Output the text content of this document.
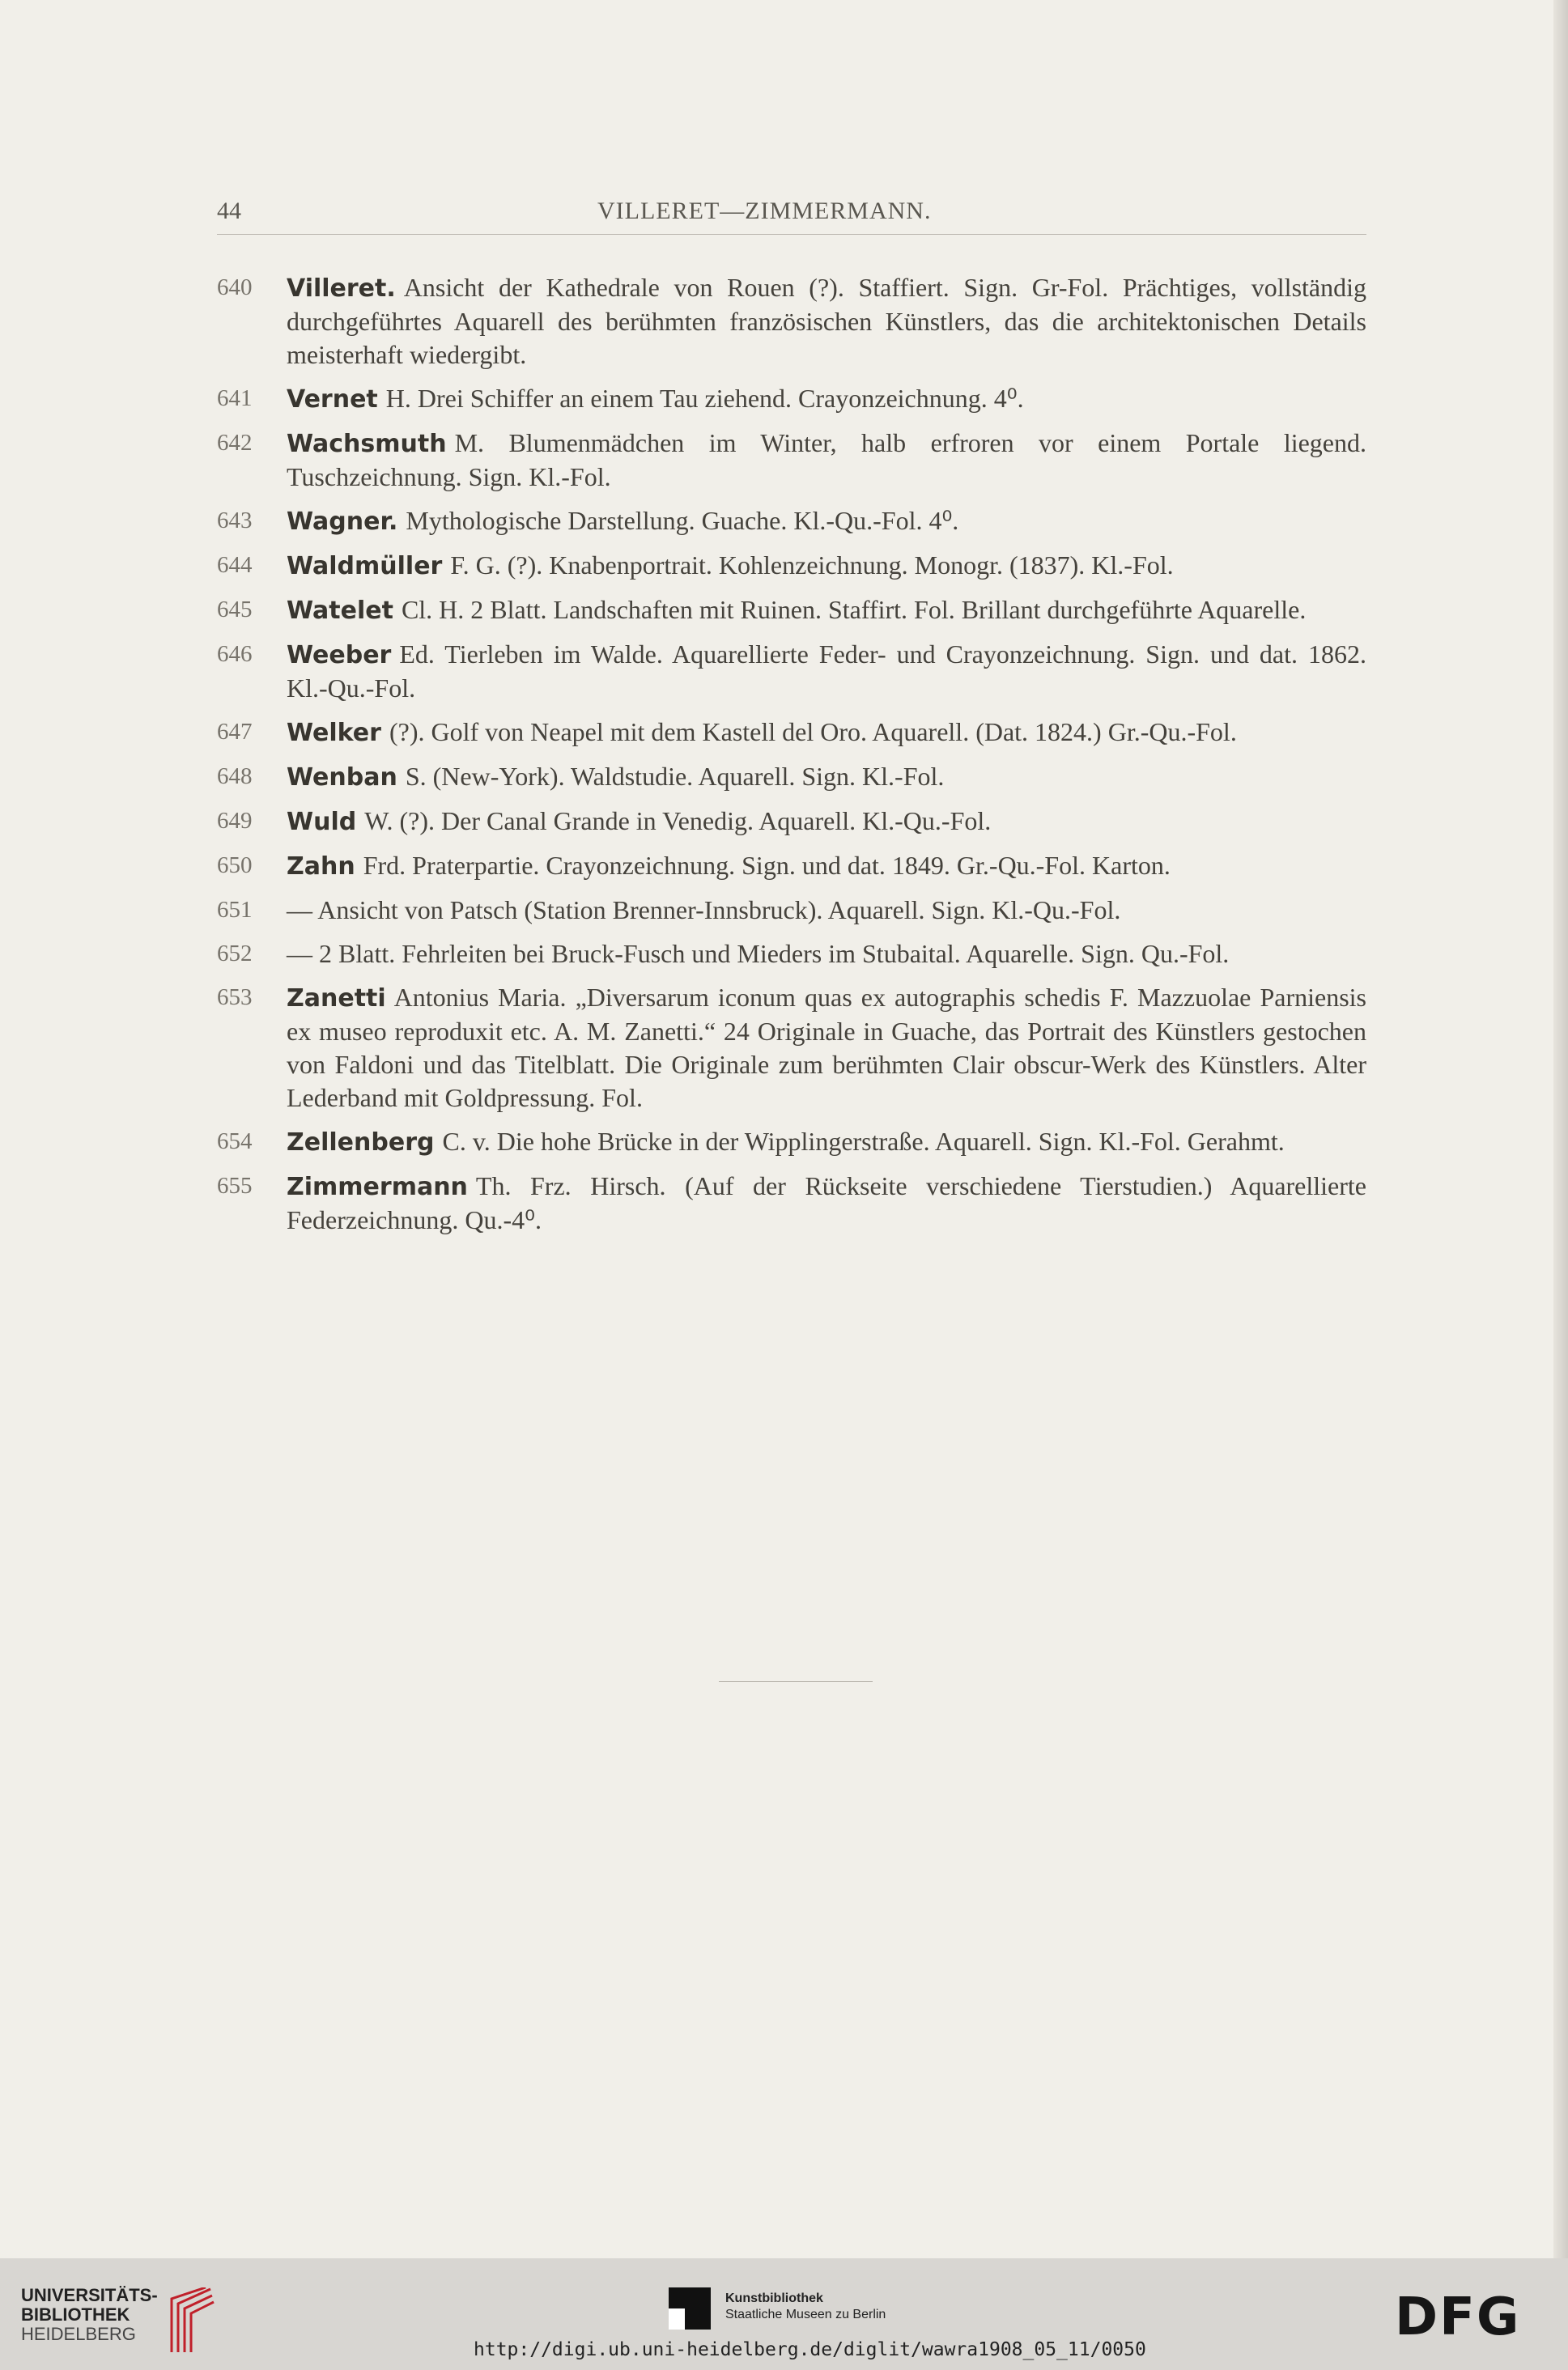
44	VILLERET—ZIMMERMANN.
640	Villeret. Ansicht der Kathedrale von Rouen (?). Staffiert. Sign. Gr-Fol. Prächtiges, vollständig durchgeführtes Aquarell des berühmten französischen Künstlers, das die architektonischen Details meisterhaft wiedergibt.
641	Vernet H. Drei Schiffer an einem Tau ziehend. Crayonzeichnung. 4⁰.
642	Wachsmuth M. Blumenmädchen im Winter, halb erfroren vor einem Portale liegend. Tuschzeichnung. Sign. Kl.-Fol.
643	Wagner. Mythologische Darstellung. Guache. Kl.-Qu.-Fol. 4⁰.
644	Waldmüller F. G. (?). Knabenportrait. Kohlenzeichnung. Monogr. (1837). Kl.-Fol.
645	Watelet Cl. H. 2 Blatt. Landschaften mit Ruinen. Staffirt. Fol. Brillant durchgeführte Aquarelle.
646	Weeber Ed. Tierleben im Walde. Aquarellierte Feder- und Crayonzeichnung. Sign. und dat. 1862. Kl.-Qu.-Fol.
647	Welker (?). Golf von Neapel mit dem Kastell del Oro. Aquarell. (Dat. 1824.) Gr.-Qu.-Fol.
648	Wenban S. (New-York). Waldstudie. Aquarell. Sign. Kl.-Fol.
649	Wuld W. (?). Der Canal Grande in Venedig. Aquarell. Kl.-Qu.-Fol.
650	Zahn Frd. Praterpartie. Crayonzeichnung. Sign. und dat. 1849. Gr.-Qu.-Fol. Karton.
651	— Ansicht von Patsch (Station Brenner-Innsbruck). Aquarell. Sign. Kl.-Qu.-Fol.
652	— 2 Blatt. Fehrleiten bei Bruck-Fusch und Mieders im Stubaital. Aquarelle. Sign. Qu.-Fol.
653	Zanetti Antonius Maria. „Diversarum iconum quas ex autographis schedis F. Mazzuolae Parniensis ex museo reproduxit etc. A. M. Zanetti.“ 24 Originale in Guache, das Portrait des Künstlers gestochen von Faldoni und das Titelblatt. Die Originale zum berühmten Clair obscur-Werk des Künstlers. Alter Lederband mit Goldpressung. Fol.
654	Zellenberg C. v. Die hohe Brücke in der Wipplingerstraße. Aquarell. Sign. Kl.-Fol. Gerahmt.
655	Zimmermann Th. Frz. Hirsch. (Auf der Rückseite verschiedene Tierstudien.) Aquarellierte Federzeichnung. Qu.-4⁰.
UNIVERSITÄTS-
BIBLIOTHEK
HEIDELBERG
Kunstbibliothek
Staatliche Museen zu Berlin	DFG
http://digi.ub.uni-heidelberg.de/diglit/wawra1908_05_11/0050
